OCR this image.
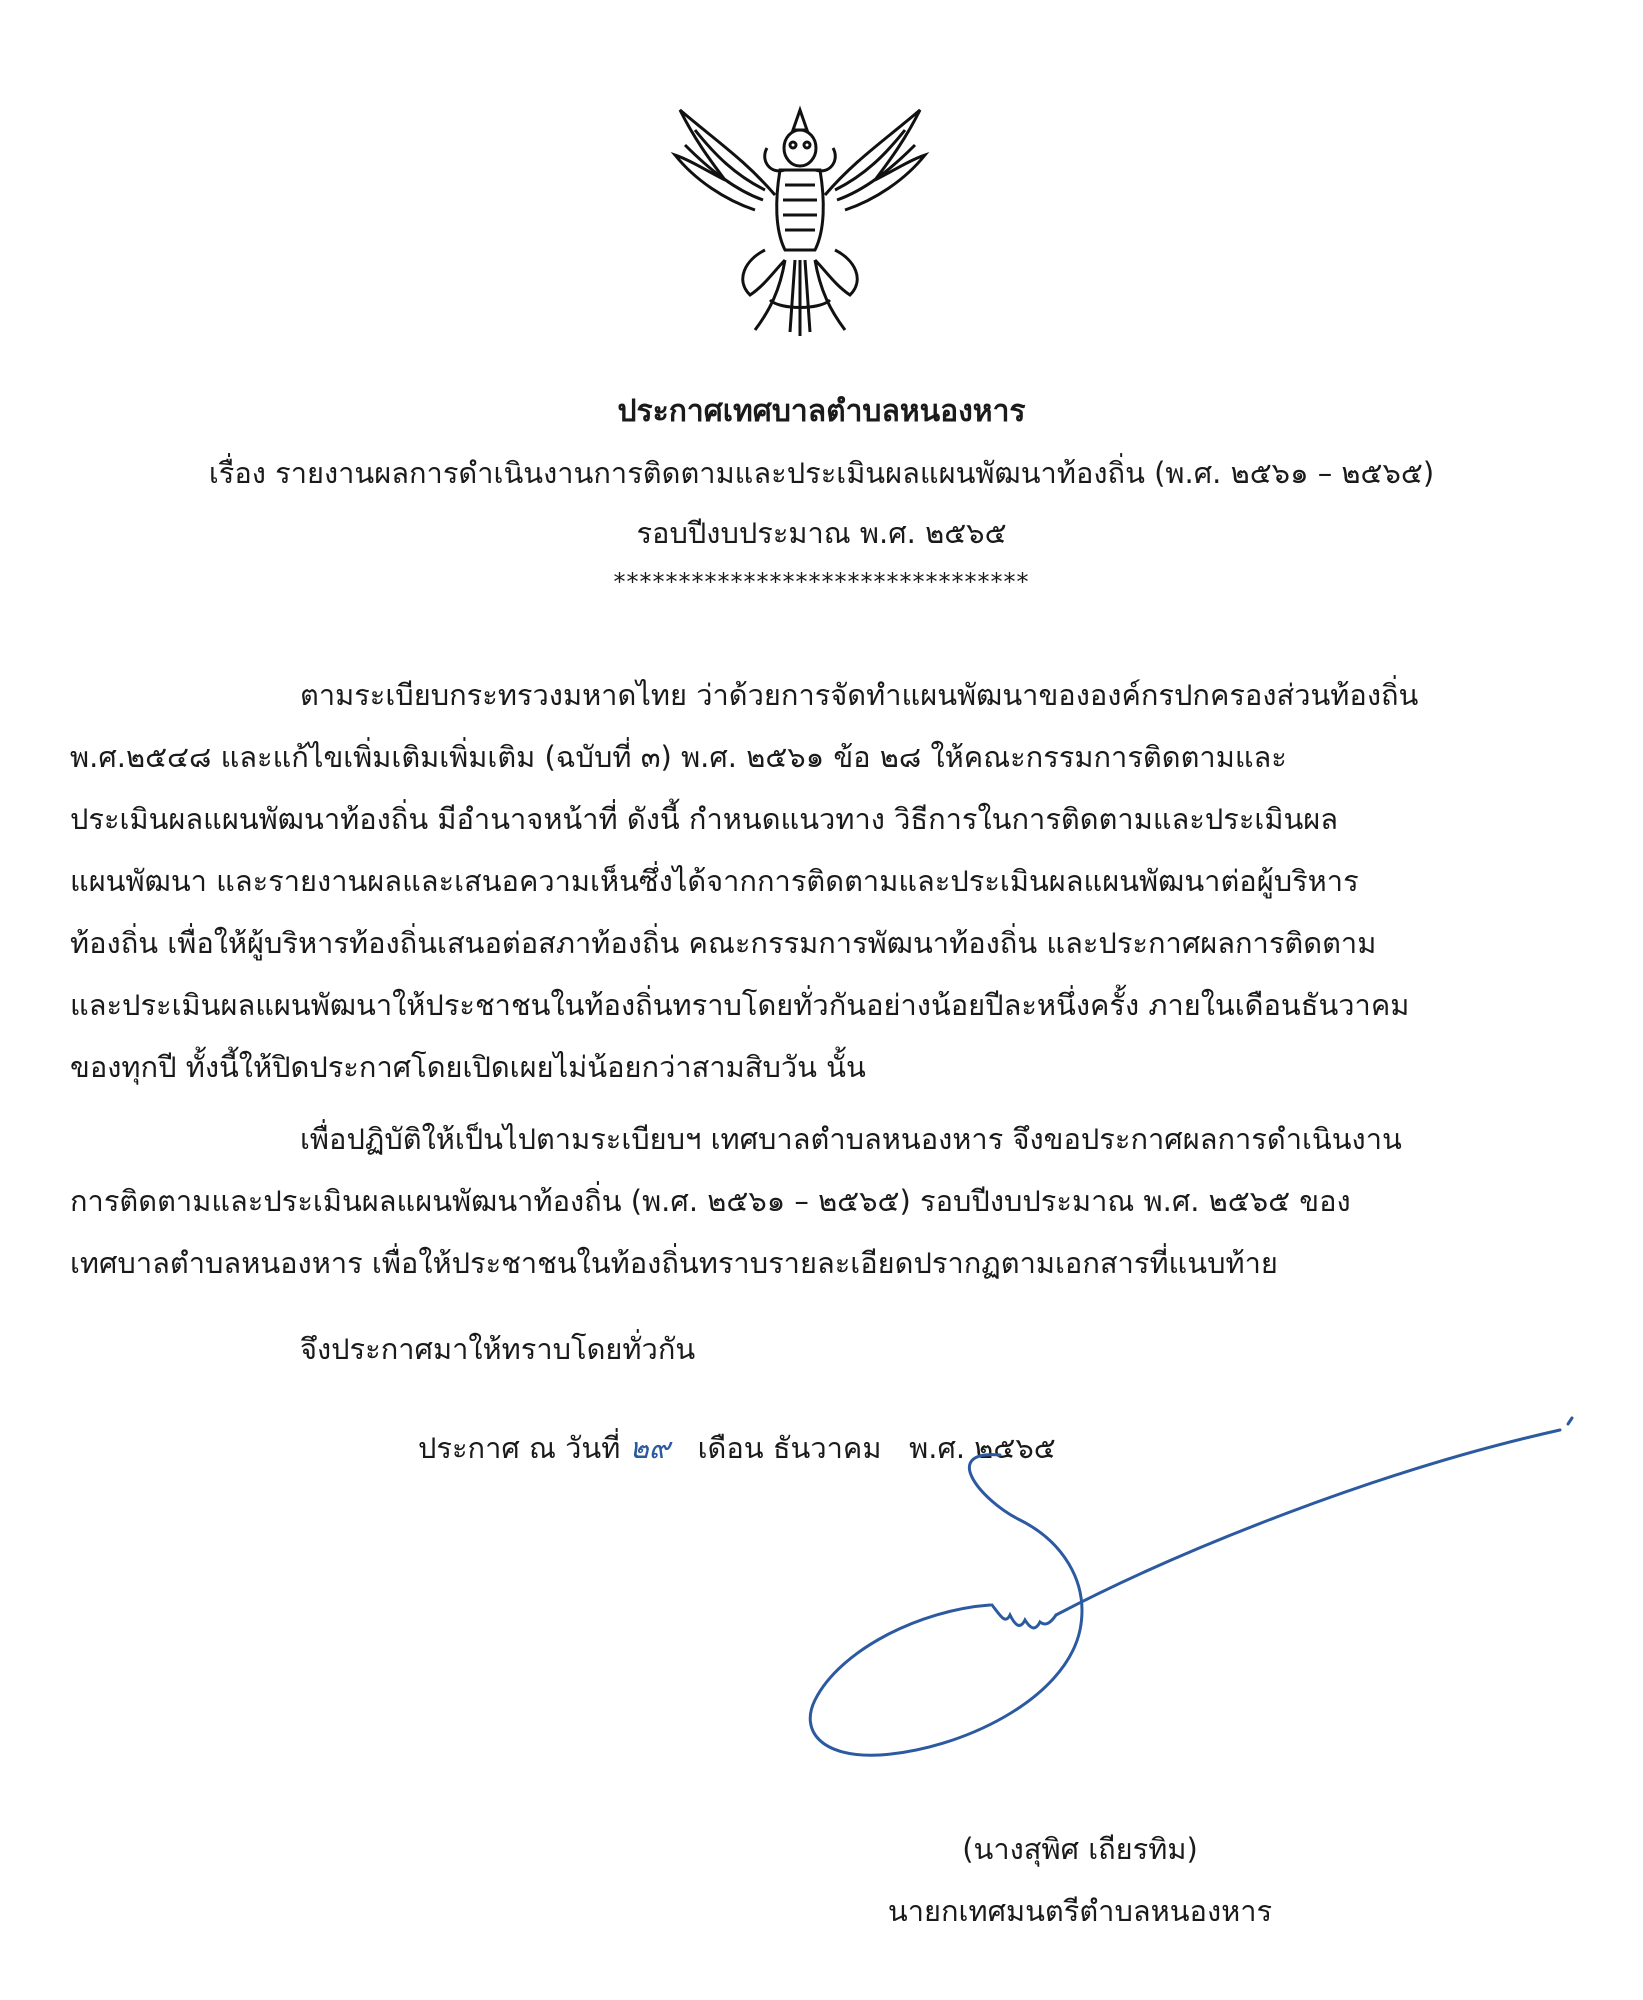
ประกาศเทศบาลตำบลหนองหาร
เรื่อง รายงานผลการดำเนินงานการติดตามและประเมินผลแผนพัฒนาท้องถิ่น (พ.ศ. ๒๕๖๑ – ๒๕๖๕)
รอบปีงบประมาณ พ.ศ. ๒๕๖๕
********************************
ตามระเบียบกระทรวงมหาดไทย ว่าด้วยการจัดทำแผนพัฒนาขององค์กรปกครองส่วนท้องถิ่น
พ.ศ.๒๕๔๘ และแก้ไขเพิ่มเติมเพิ่มเติม (ฉบับที่ ๓) พ.ศ. ๒๕๖๑ ข้อ ๒๘ ให้คณะกรรมการติดตามและ
ประเมินผลแผนพัฒนาท้องถิ่น มีอำนาจหน้าที่ ดังนี้ กำหนดแนวทาง วิธีการในการติดตามและประเมินผล
แผนพัฒนา และรายงานผลและเสนอความเห็นซึ่งได้จากการติดตามและประเมินผลแผนพัฒนาต่อผู้บริหาร
ท้องถิ่น เพื่อให้ผู้บริหารท้องถิ่นเสนอต่อสภาท้องถิ่น คณะกรรมการพัฒนาท้องถิ่น และประกาศผลการติดตาม
และประเมินผลแผนพัฒนาให้ประชาชนในท้องถิ่นทราบโดยทั่วกันอย่างน้อยปีละหนึ่งครั้ง ภายในเดือนธันวาคม
ของทุกปี ทั้งนี้ให้ปิดประกาศโดยเปิดเผยไม่น้อยกว่าสามสิบวัน นั้น
เพื่อปฏิบัติให้เป็นไปตามระเบียบฯ เทศบาลตำบลหนองหาร จึงขอประกาศผลการดำเนินงาน
การติดตามและประเมินผลแผนพัฒนาท้องถิ่น (พ.ศ. ๒๕๖๑ – ๒๕๖๕) รอบปีงบประมาณ พ.ศ. ๒๕๖๕ ของ
เทศบาลตำบลหนองหาร เพื่อให้ประชาชนในท้องถิ่นทราบรายละเอียดปรากฏตามเอกสารที่แนบท้าย
จึงประกาศมาให้ทราบโดยทั่วกัน
ประกาศ ณ วันที่ ๒๙ เดือน ธันวาคม พ.ศ. ๒๕๖๕
(นางสุพิศ เถียรทิม)
นายกเทศมนตรีตำบลหนองหาร
